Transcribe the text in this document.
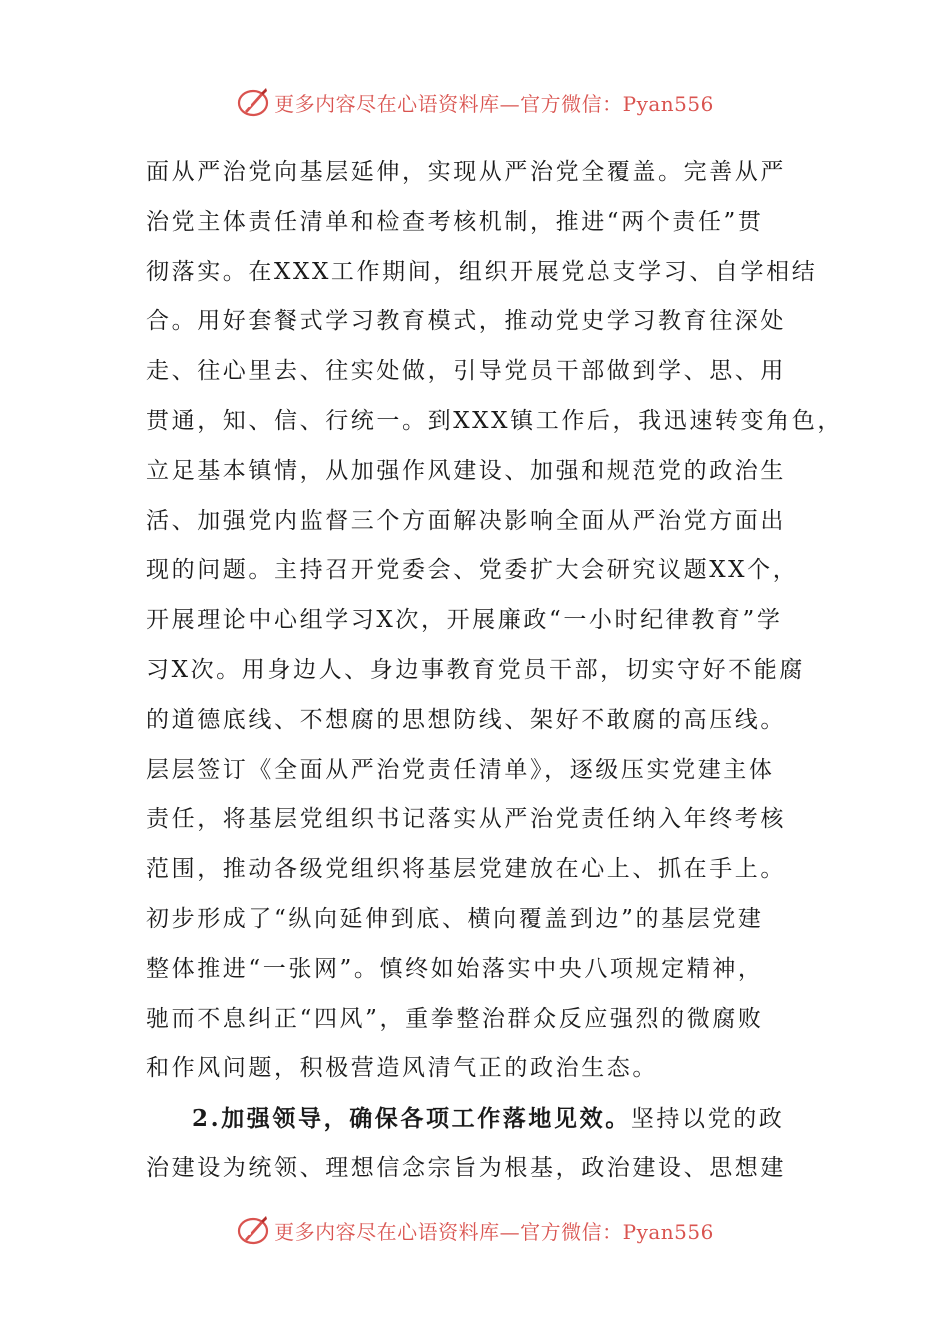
更多内容尽在心语资料库—官方微信：Pyan556
面从严治党向基层延伸，实现从严治党全覆盖。完善从严
治党主体责任清单和检查考核机制，推进“两个责任”贯
彻落实。在XXX工作期间，组织开展党总支学习、自学相结
合。用好套餐式学习教育模式，推动党史学习教育往深处
走、往心里去、往实处做，引导党员干部做到学、思、用
贯通，知、信、行统一。到XXX镇工作后，我迅速转变角色，
立足基本镇情，从加强作风建设、加强和规范党的政治生
活、加强党内监督三个方面解决影响全面从严治党方面出
现的问题。主持召开党委会、党委扩大会研究议题XX个，
开展理论中心组学习X次，开展廉政“一小时纪律教育”学
习X次。用身边人、身边事教育党员干部，切实守好不能腐
的道德底线、不想腐的思想防线、架好不敢腐的高压线。
层层签订《全面从严治党责任清单》，逐级压实党建主体
责任，将基层党组织书记落实从严治党责任纳入年终考核
范围，推动各级党组织将基层党建放在心上、抓在手上。
初步形成了“纵向延伸到底、横向覆盖到边”的基层党建
整体推进“一张网”。慎终如始落实中央八项规定精神，
驰而不息纠正“四风”，重拳整治群众反应强烈的微腐败
和作风问题，积极营造风清气正的政治生态。
2.加强领导，确保各项工作落地见效。坚持以党的政
治建设为统领、理想信念宗旨为根基，政治建设、思想建
更多内容尽在心语资料库—官方微信：Pyan556
